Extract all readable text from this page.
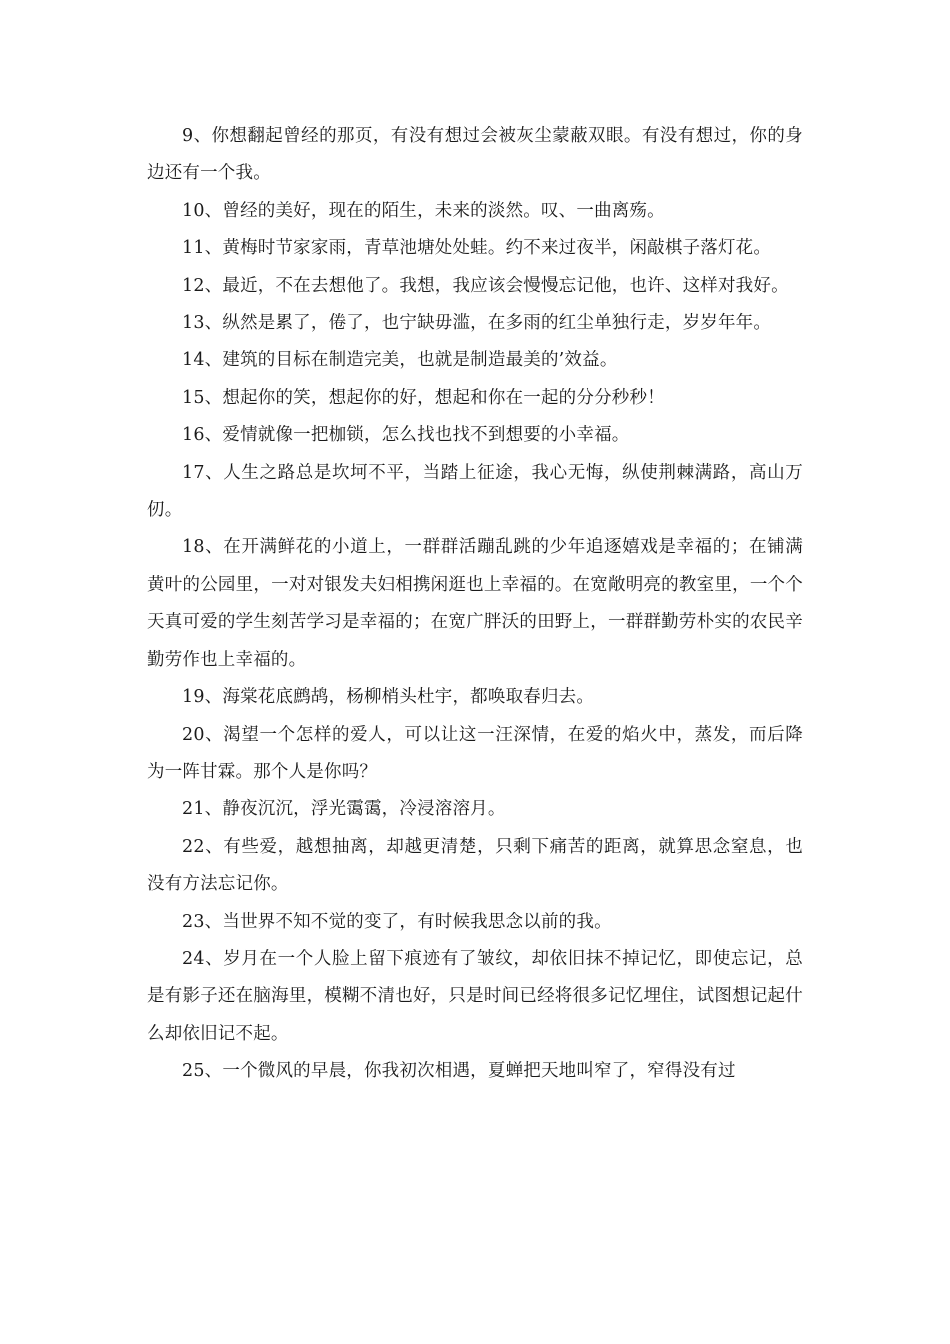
9、你想翻起曾经的那页，有没有想过会被灰尘蒙蔽双眼。有没有想过，你的身边还有一个我。

10、曾经的美好，现在的陌生，未来的淡然。叹、一曲离殇。

11、黄梅时节家家雨，青草池塘处处蛙。约不来过夜半，闲敲棋子落灯花。

12、最近，不在去想他了。我想，我应该会慢慢忘记他，也许、这样对我好。

13、纵然是累了，倦了，也宁缺毋滥，在多雨的红尘单独行走，岁岁年年。

14、建筑的目标在制造完美，也就是制造最美的’效益。

15、想起你的笑，想起你的好，想起和你在一起的分分秒秒！

16、爱情就像一把枷锁，怎么找也找不到想要的小幸福。

17、人生之路总是坎坷不平，当踏上征途，我心无悔，纵使荆棘满路，高山万仞。

18、在开满鲜花的小道上，一群群活蹦乱跳的少年追逐嬉戏是幸福的；在铺满黄叶的公园里，一对对银发夫妇相携闲逛也上幸福的。在宽敞明亮的教室里，一个个天真可爱的学生刻苦学习是幸福的；在宽广胖沃的田野上，一群群勤劳朴实的农民辛勤劳作也上幸福的。

19、海棠花底鹧鸪，杨柳梢头杜宇，都唤取春归去。

20、渴望一个怎样的爱人，可以让这一汪深情，在爱的焰火中，蒸发，而后降为一阵甘霖。那个人是你吗？

21、静夜沉沉，浮光霭霭，冷浸溶溶月。

22、有些爱，越想抽离，却越更清楚，只剩下痛苦的距离，就算思念窒息，也没有方法忘记你。

23、当世界不知不觉的变了，有时候我思念以前的我。

24、岁月在一个人脸上留下痕迹有了皱纹，却依旧抹不掉记忆，即使忘记，总是有影子还在脑海里，模糊不清也好，只是时间已经将很多记忆埋住，试图想记起什么却依旧记不起。

25、一个微风的早晨，你我初次相遇，夏蝉把天地叫窄了，窄得没有过
